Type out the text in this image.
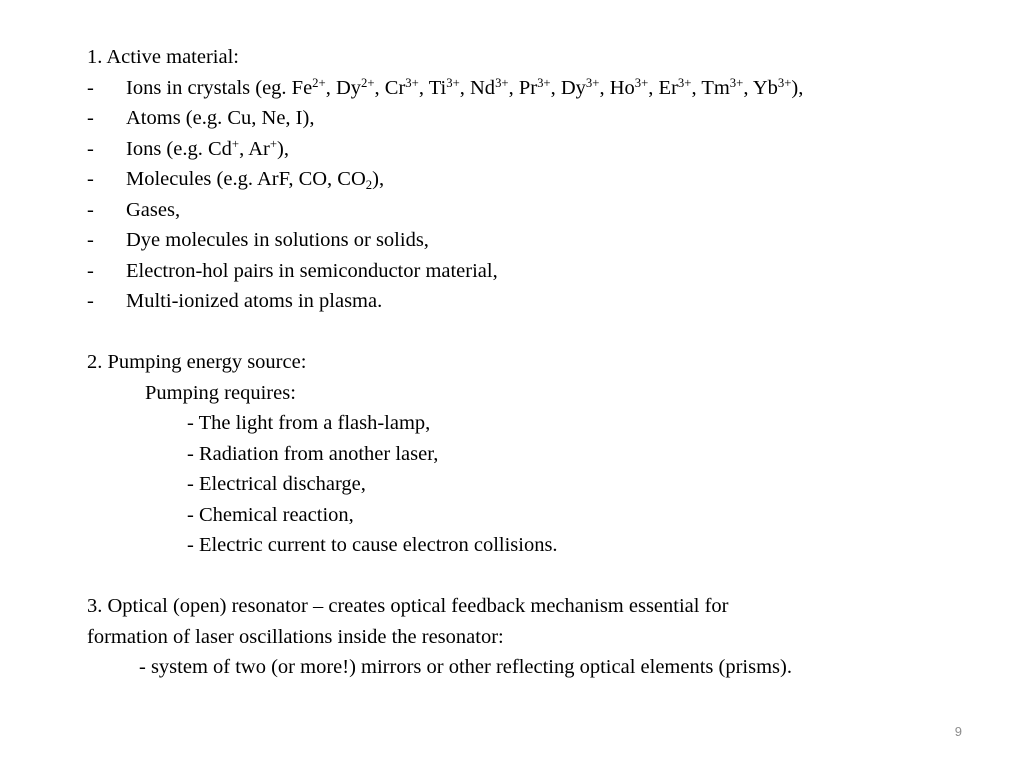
1. Active material:
-	Ions in crystals (eg. $Fe^{2+}$, $Dy^{2+}$, $Cr^{3+}$, $Ti^{3+}$, $Nd^{3+}$, $Pr^{3+}$, $Dy^{3+}$, $Ho^{3+}$, $Er^{3+}$, $Tm^{3+}$, $Yb^{3+}$),
-	Atoms (e.g. Cu, Ne, I),
-	Ions (e.g. Cd+, Ar+),
-	Molecules (e.g. ArF, CO, $CO_2$),
-	Gases,
-	Dye molecules in solutions or solids,
-	Electron-hol pairs in semiconductor material,
-	Multi-ionized atoms in plasma.
2. Pumping energy source:
Pumping requires:
- The light from a flash-lamp,
- Radiation from another laser,
- Electrical discharge,
- Chemical reaction,
- Electric current to cause electron collisions.
3. Optical (open) resonator – creates optical feedback mechanism essential for
formation of laser oscillations inside the resonator:
- system of two (or more!) mirrors or other reflecting optical elements (prisms).
9
